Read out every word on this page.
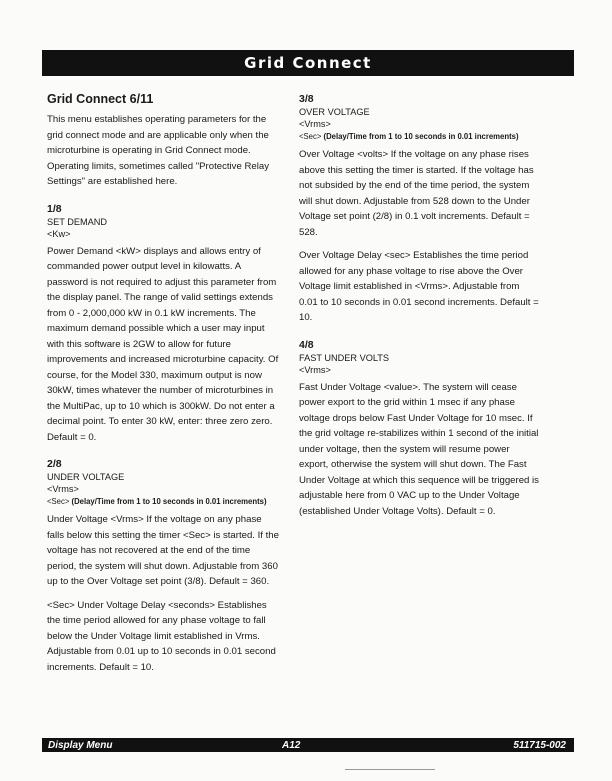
Grid Connect
Grid Connect 6/11

This menu establishes operating parameters for the grid connect mode and are applicable only when the microturbine is operating in Grid Connect mode. Operating limits, sometimes called "Protective Relay Settings" are established here.

1/8
SET DEMAND
<Kw>

Power Demand <kW> displays and allows entry of commanded power output level in kilowatts. A password is not required to adjust this parameter from the display panel. The range of valid settings extends from 0 - 2,000,000 kW in 0.1 kW increments. The maximum demand possible which a user may input with this software is 2GW to allow for future improvements and increased microturbine capacity. Of course, for the Model 330, maximum output is now 30kW, times whatever the number of microturbines in the MultiPac, up to 10 which is 300kW. Do not enter a decimal point. To enter 30 kW, enter: three zero zero. Default = 0.

2/8
UNDER VOLTAGE
<Vrms>
<Sec> (Delay/Time from 1 to 10 seconds in 0.01 increments)

Under Voltage <Vrms> If the voltage on any phase falls below this setting the timer <Sec> is started. If the voltage has not recovered at the end of the time period, the system will shut down. Adjustable from 360 up to the Over Voltage set point (3/8). Default = 360.

<Sec> Under Voltage Delay <seconds> Establishes the time period allowed for any phase voltage to fall below the Under Voltage limit established in Vrms. Adjustable from 0.01 up to 10 seconds in 0.01 second increments. Default = 10.

3/8
OVER VOLTAGE
<Vrms>
<Sec> (Delay/Time from 1 to 10 seconds in 0.01 increments)

Over Voltage <volts> If the voltage on any phase rises above this setting the timer is started. If the voltage has not subsided by the end of the time period, the system will shut down. Adjustable from 528 down to the Under Voltage set point (2/8) in 0.1 volt increments. Default = 528.

Over Voltage Delay <sec> Establishes the time period allowed for any phase voltage to rise above the Over Voltage limit established in <Vrms>. Adjustable from 0.01 to 10 seconds in 0.01 second increments. Default = 10.

4/8
FAST UNDER VOLTS
<Vrms>

Fast Under Voltage <value>. The system will cease power export to the grid within 1 msec if any phase voltage drops below Fast Under Voltage for 10 msec. If the grid voltage re-stabilizes within 1 second of the initial under voltage, then the system will resume power export, otherwise the system will shut down. The Fast Under Voltage at which this sequence will be triggered is adjustable here from 0 VAC up to the Under Voltage (established Under Voltage Volts). Default = 0.

Display Menu	A12	511715-002
